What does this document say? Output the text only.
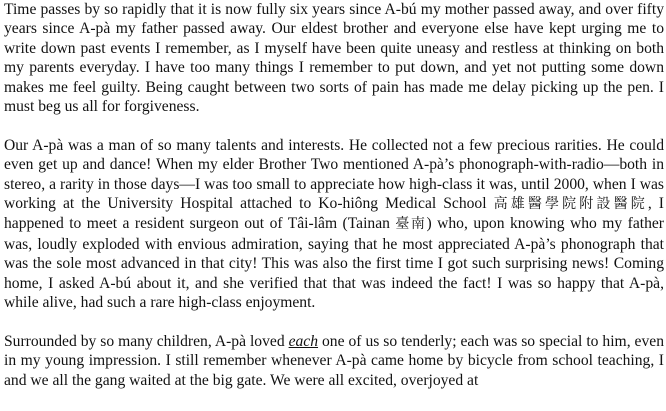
Time passes by so rapidly that it is now fully six years since A-bú my mother passed away, and over fifty years since A-pà my father passed away. Our eldest brother and everyone else have kept urging me to write down past events I remember, as I myself have been quite uneasy and restless at thinking on both my parents everyday. I have too many things I remember to put down, and yet not putting some down makes me feel guilty. Being caught between two sorts of pain has made me delay picking up the pen. I must beg us all for forgiveness.

Our A-pà was a man of so many talents and interests. He collected not a few precious rarities. He could even get up and dance! When my elder Brother Two mentioned A-pà’s phonograph-with-radio—both in stereo, a rarity in those days—I was too small to appreciate how high-class it was, until 2000, when I was working at the University Hospital attached to Ko-hiông Medical School 高雄醫學院附設醫院, I happened to meet a resident surgeon out of Tâi-lâm (Tainan 臺南) who, upon knowing who my father was, loudly exploded with envious admiration, saying that he most appreciated A-pà’s phonograph that was the sole most advanced in that city! This was also the first time I got such surprising news! Coming home, I asked A-bú about it, and she verified that that was indeed the fact! I was so happy that A-pà, while alive, had such a rare high-class enjoyment.

Surrounded by so many children, A-pà loved each one of us so tenderly; each was so special to him, even in my young impression. I still remember whenever A-pà came home by bicycle from school teaching, I and we all the gang waited at the big gate. We were all excited, overjoyed at
